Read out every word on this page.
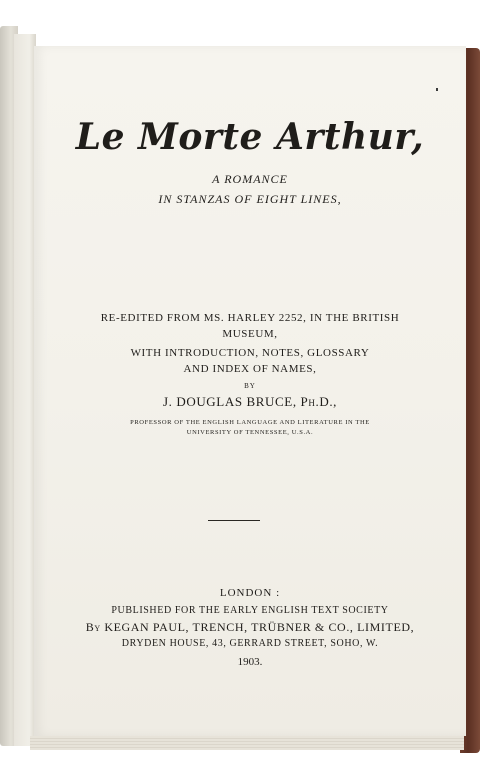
Le Morte Arthur,
A ROMANCE
IN STANZAS OF EIGHT LINES,
RE-EDITED FROM MS. HARLEY 2252, IN THE BRITISH
MUSEUM,
WITH INTRODUCTION, NOTES, GLOSSARY
AND INDEX OF NAMES,
BY
J. DOUGLAS BRUCE, Ph.D.,
PROFESSOR OF THE ENGLISH LANGUAGE AND LITERATURE IN THE
UNIVERSITY OF TENNESSEE, U.S.A.
LONDON :
PUBLISHED FOR THE EARLY ENGLISH TEXT SOCIETY
By KEGAN PAUL, TRENCH, TRÜBNER & CO., LIMITED,
DRYDEN HOUSE, 43, GERRARD STREET, SOHO, W.
1903.
